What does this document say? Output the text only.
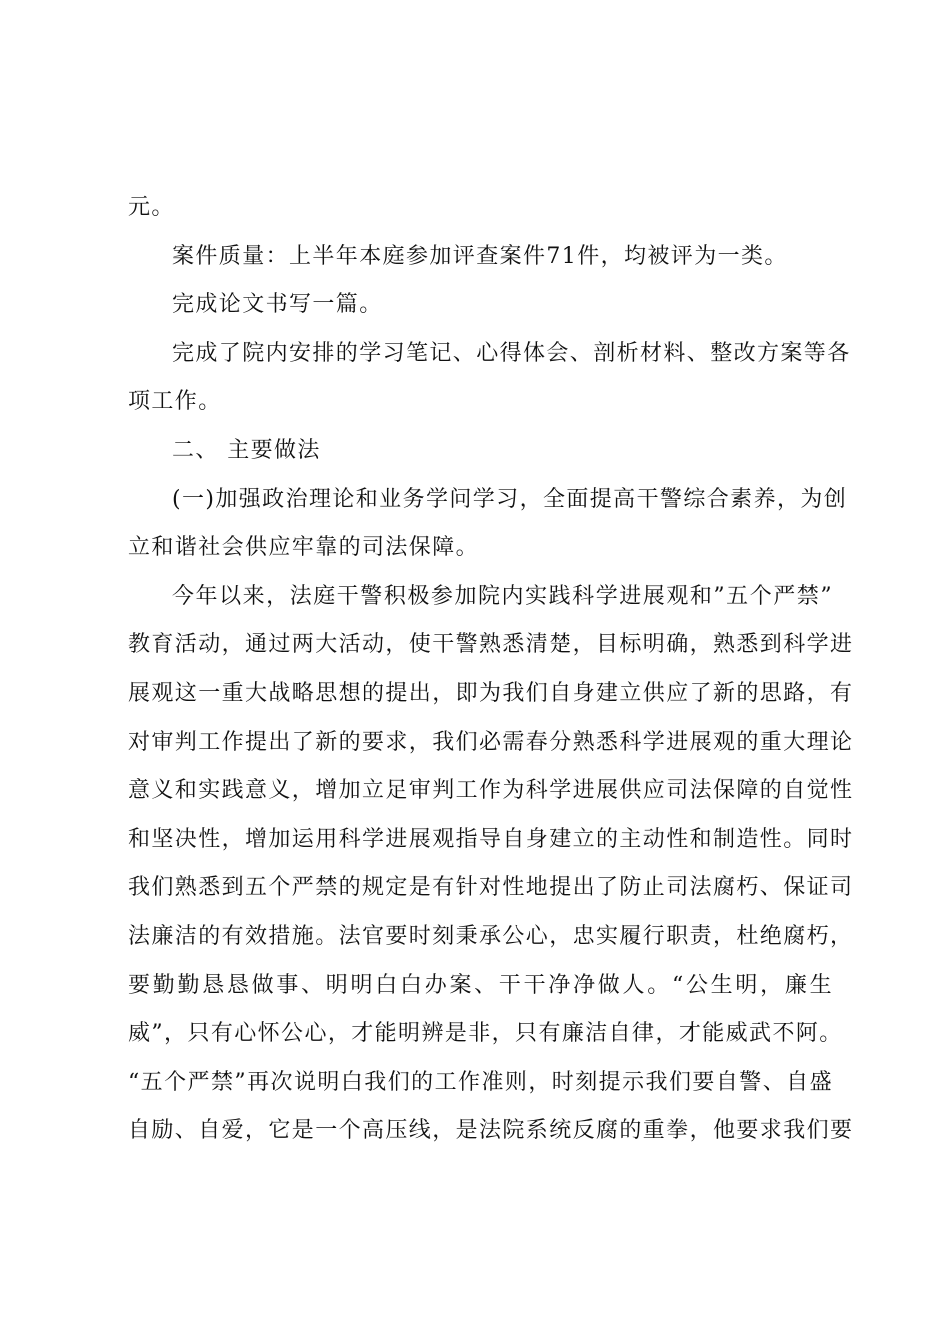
元。
案件质量：上半年本庭参加评查案件71件，均被评为一类。
完成论文书写一篇。
完成了院内安排的学习笔记、心得体会、剖析材料、整改方案等各
项工作。
二、 主要做法
(一)加强政治理论和业务学问学习，全面提高干警综合素养，为创
立和谐社会供应牢靠的司法保障。
今年以来，法庭干警积极参加院内实践科学进展观和”五个严禁”
教育活动，通过两大活动，使干警熟悉清楚，目标明确，熟悉到科学进
展观这一重大战略思想的提出，即为我们自身建立供应了新的思路，有
对审判工作提出了新的要求，我们必需春分熟悉科学进展观的重大理论
意义和实践意义，增加立足审判工作为科学进展供应司法保障的自觉性
和坚决性，增加运用科学进展观指导自身建立的主动性和制造性。同时
我们熟悉到五个严禁的规定是有针对性地提出了防止司法腐朽、保证司
法廉洁的有效措施。法官要时刻秉承公心，忠实履行职责，杜绝腐朽，
要勤勤恳恳做事、明明白白办案、干干净净做人。“公生明，廉生
威”，只有心怀公心，才能明辨是非，只有廉洁自律，才能威武不阿。
“五个严禁”再次说明白我们的工作准则，时刻提示我们要自警、自盛
自励、自爱，它是一个高压线，是法院系统反腐的重拳，他要求我们要
